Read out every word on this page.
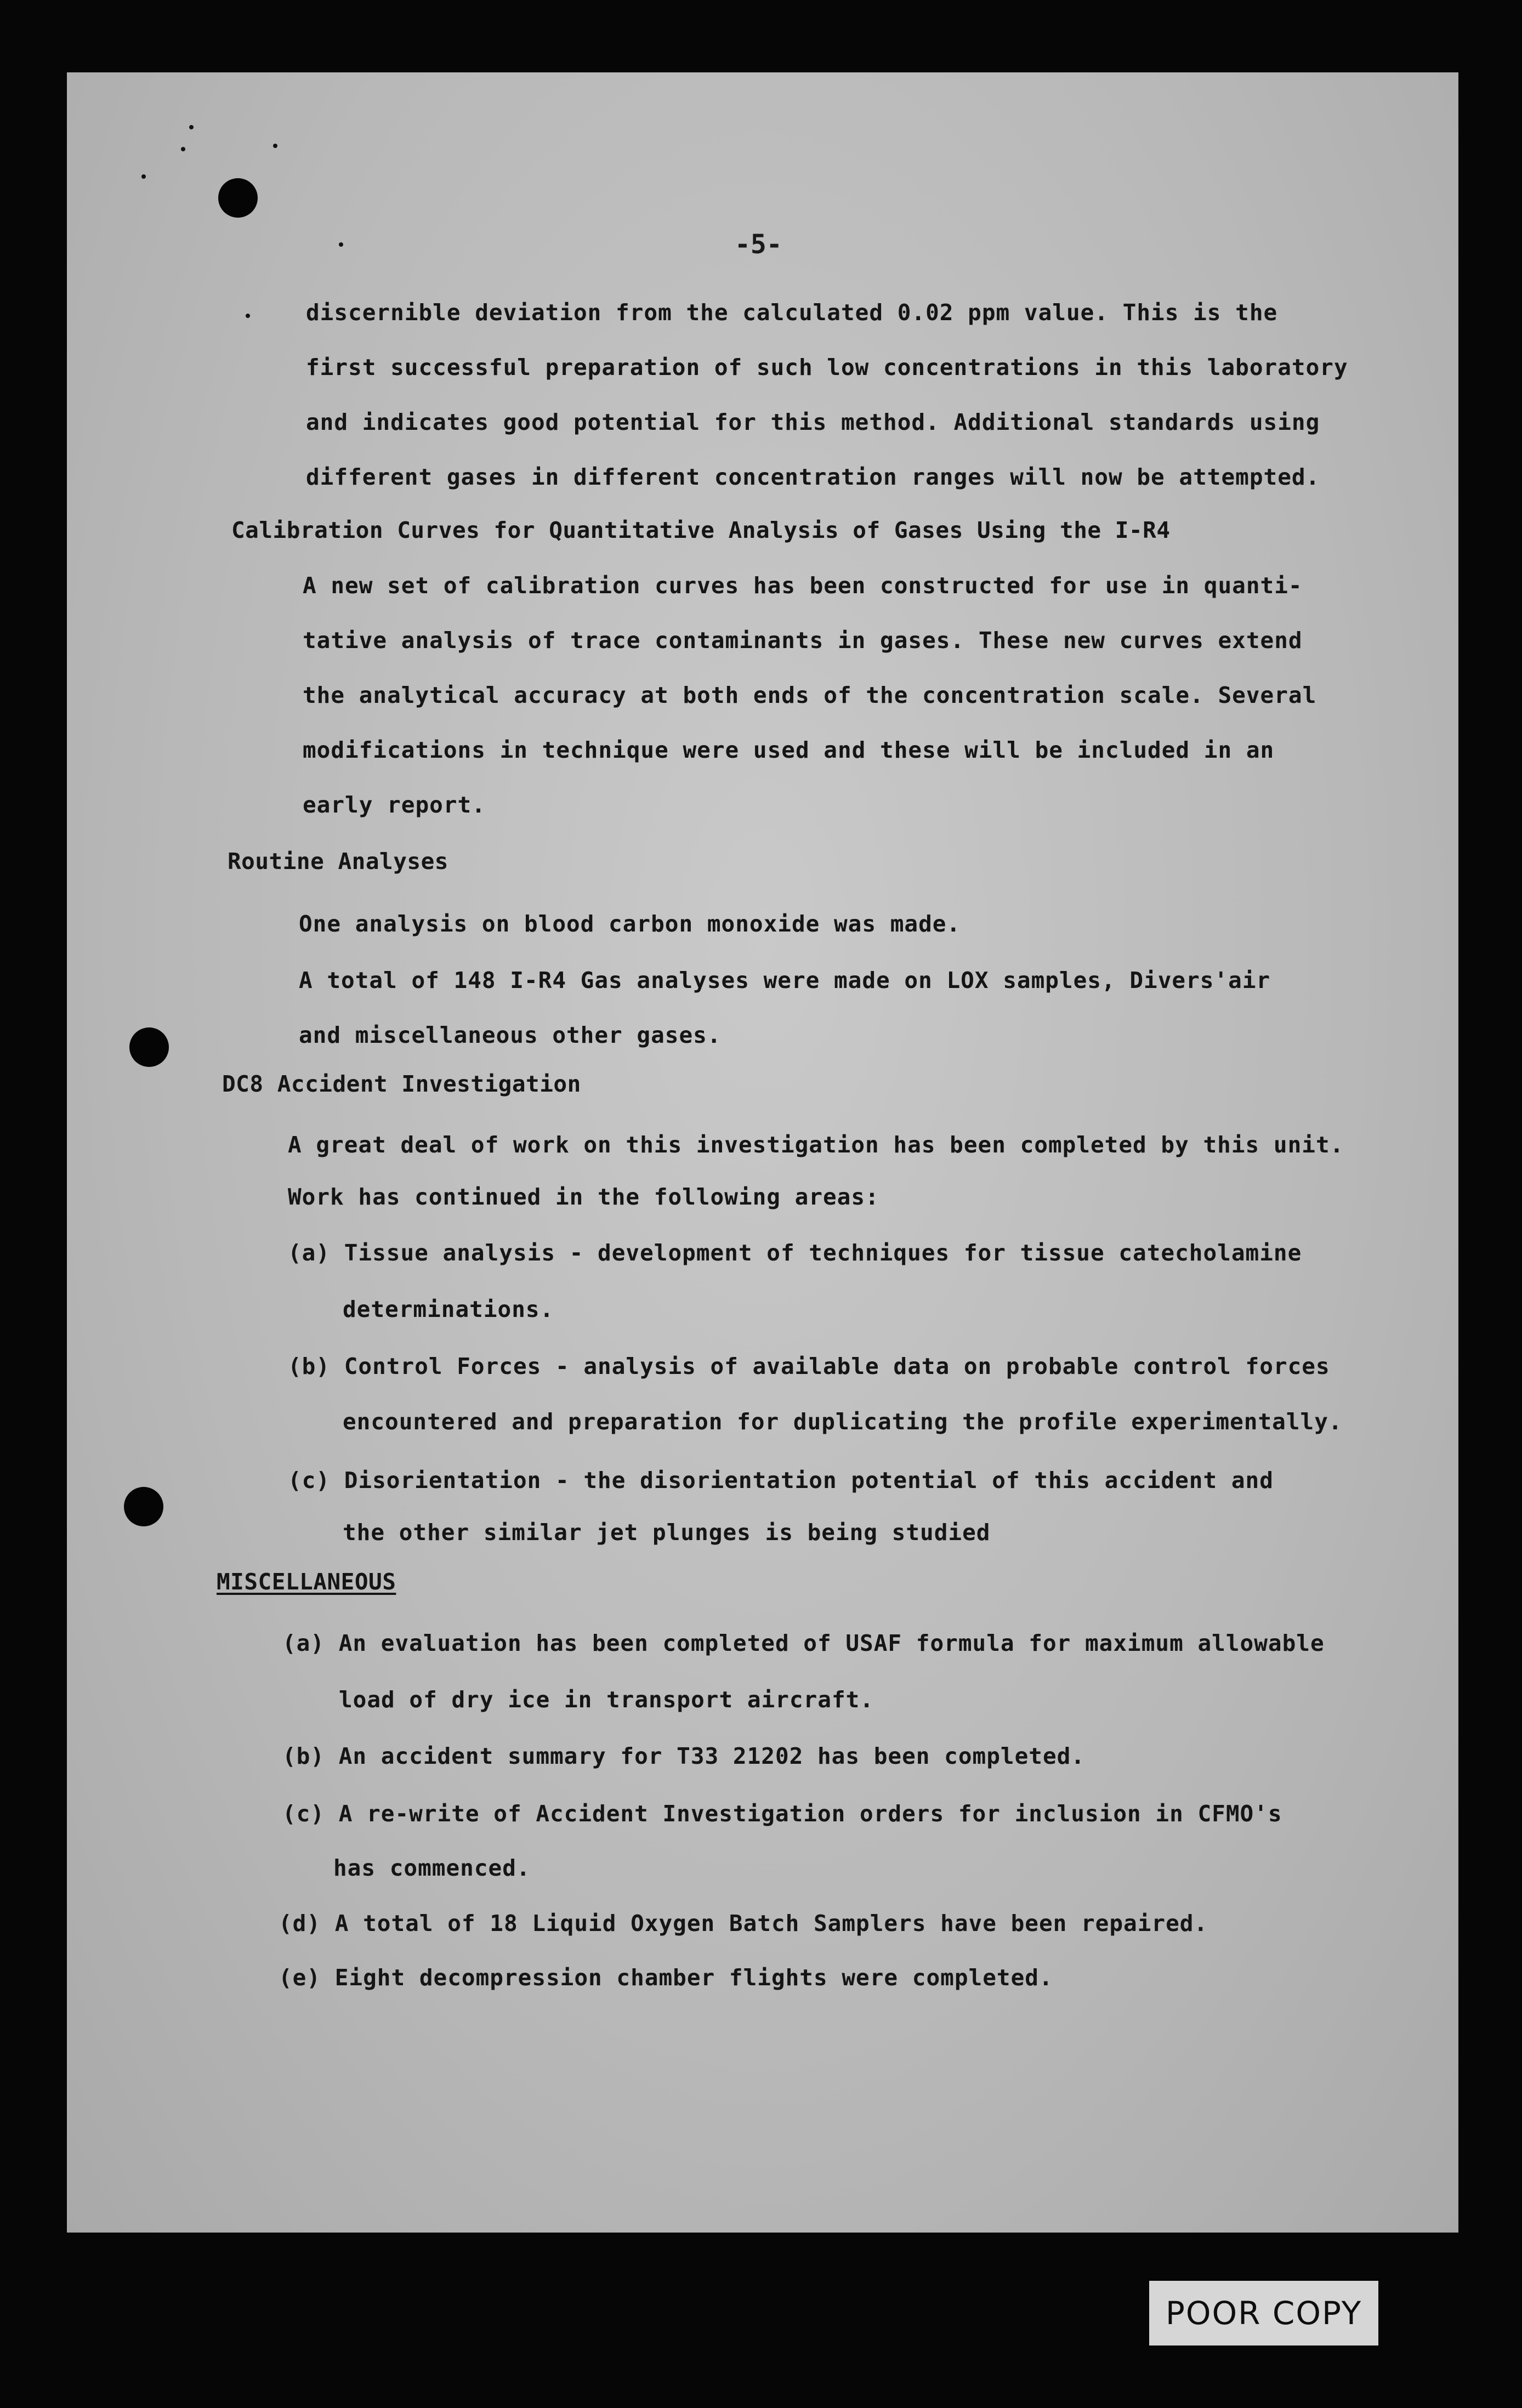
-5-
discernible deviation from the calculated 0.02 ppm value. This is the
first successful preparation of such low concentrations in this laboratory
and indicates good potential for this method. Additional standards using
different gases in different concentration ranges will now be attempted.
Calibration Curves for Quantitative Analysis of Gases Using the I-R4
A new set of calibration curves has been constructed for use in quanti-
tative analysis of trace contaminants in gases. These new curves extend
the analytical accuracy at both ends of the concentration scale. Several
modifications in technique were used and these will be included in an
early report.
Routine Analyses
One analysis on blood carbon monoxide was made.
A total of 148 I-R4 Gas analyses were made on LOX samples, Divers'air
and miscellaneous other gases.
DC8 Accident Investigation
A great deal of work on this investigation has been completed by this unit.
Work has continued in the following areas:
(a) Tissue analysis - development of techniques for tissue catecholamine
determinations.
(b) Control Forces - analysis of available data on probable control forces
encountered and preparation for duplicating the profile experimentally.
(c) Disorientation - the disorientation potential of this accident and
the other similar jet plunges is being studied
MISCELLANEOUS
(a) An evaluation has been completed of USAF formula for maximum allowable
load of dry ice in transport aircraft.
(b) An accident summary for T33 21202 has been completed.
(c) A re-write of Accident Investigation orders for inclusion in CFMO's
has commenced.
(d) A total of 18 Liquid Oxygen Batch Samplers have been repaired.
(e) Eight decompression chamber flights were completed.
POOR COPY
